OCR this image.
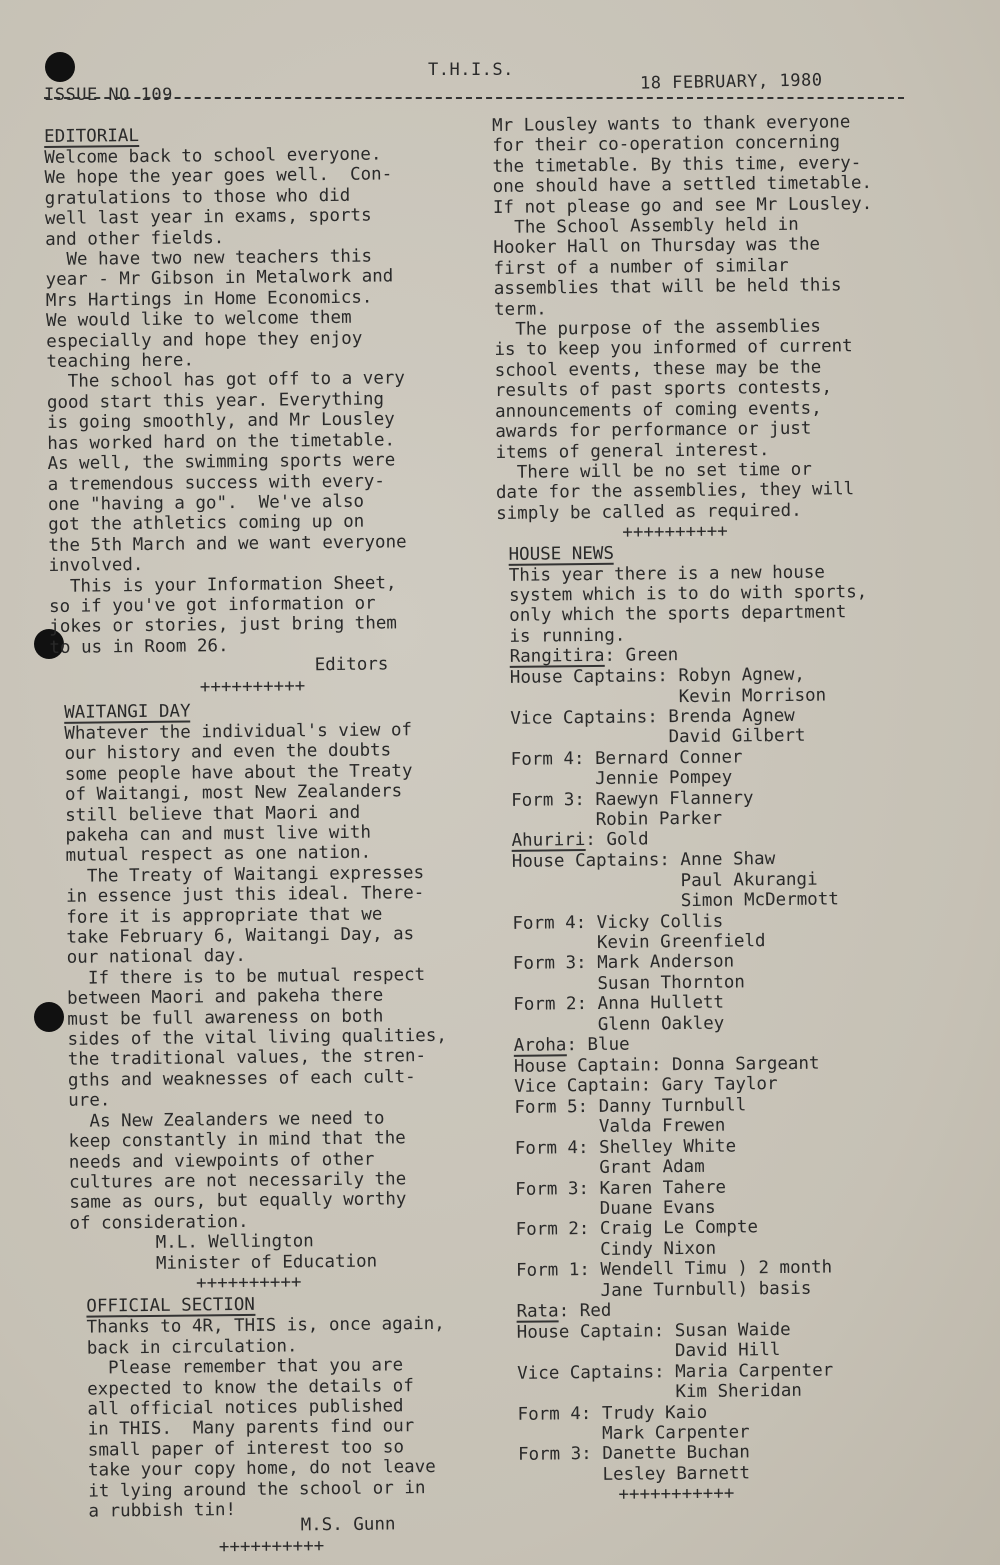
ISSUE NO 109
T.H.I.S.
18 FEBRUARY, 1980

EDITORIAL

Welcome back to school everyone.

We hope the year goes well.  Con-

gratulations to those who did

well last year in exams, sports

and other fields.

We have two new teachers this

year - Mr Gibson in Metalwork and

Mrs Hartings in Home Economics.

We would like to welcome them

especially and hope they enjoy

teaching here.

The school has got off to a very

good start this year. Everything

is going smoothly, and Mr Lousley

has worked hard on the timetable.

As well, the swimming sports were

a tremendous success with every-

one "having a go".  We've also

got the athletics coming up on

the 5th March and we want everyone

involved.

This is your Information Sheet,

so if you've got information or

jokes or stories, just bring them

to us in Room 26.

Editors

++++++++++

WAITANGI DAY

Whatever the individual's view of

our history and even the doubts

some people have about the Treaty

of Waitangi, most New Zealanders

still believe that Maori and

pakeha can and must live with

mutual respect as one nation.

The Treaty of Waitangi expresses

in essence just this ideal. There-

fore it is appropriate that we

take February 6, Waitangi Day, as

our national day.

If there is to be mutual respect

between Maori and pakeha there

must be full awareness on both

sides of the vital living qualities,

the traditional values, the stren-

gths and weaknesses of each cult-

ure.

As New Zealanders we need to

keep constantly in mind that the

needs and viewpoints of other

cultures are not necessarily the

same as ours, but equally worthy

of consideration.

M.L. Wellington

Minister of Education

++++++++++

OFFICIAL SECTION

Thanks to 4R, THIS is, once again,

back in circulation.

Please remember that you are

expected to know the details of

all official notices published

in THIS.  Many parents find our

small paper of interest too so

take your copy home, do not leave

it lying around the school or in

a rubbish tin!

M.S. Gunn

++++++++++

Mr Lousley wants to thank everyone

for their co-operation concerning

the timetable. By this time, every-

one should have a settled timetable.

If not please go and see Mr Lousley.

The School Assembly held in

Hooker Hall on Thursday was the

first of a number of similar

assemblies that will be held this

term.

The purpose of the assemblies

is to keep you informed of current

school events, these may be the

results of past sports contests,

announcements of coming events,

awards for performance or just

items of general interest.

There will be no set time or

date for the assemblies, they will

simply be called as required.

++++++++++

HOUSE NEWS

This year there is a new house

system which is to do with sports,

only which the sports department

is running.

Rangitira: Green

House Captains: Robyn Agnew,

Kevin Morrison

Vice Captains: Brenda Agnew

David Gilbert

Form 4: Bernard Conner

Jennie Pompey

Form 3: Raewyn Flannery

Robin Parker

Ahuriri: Gold

House Captains: Anne Shaw

Paul Akurangi

Simon McDermott

Form 4: Vicky Collis

Kevin Greenfield

Form 3: Mark Anderson

Susan Thornton

Form 2: Anna Hullett

Glenn Oakley

Aroha: Blue

House Captain: Donna Sargeant

Vice Captain: Gary Taylor

Form 5: Danny Turnbull

Valda Frewen

Form 4: Shelley White

Grant Adam

Form 3: Karen Tahere

Duane Evans

Form 2: Craig Le Compte

Cindy Nixon

Form 1: Wendell Timu ) 2 month

Jane Turnbull) basis

Rata: Red

House Captain: Susan Waide

David Hill

Vice Captains: Maria Carpenter

Kim Sheridan

Form 4: Trudy Kaio

Mark Carpenter

Form 3: Danette Buchan

Lesley Barnett

+++++++++++
